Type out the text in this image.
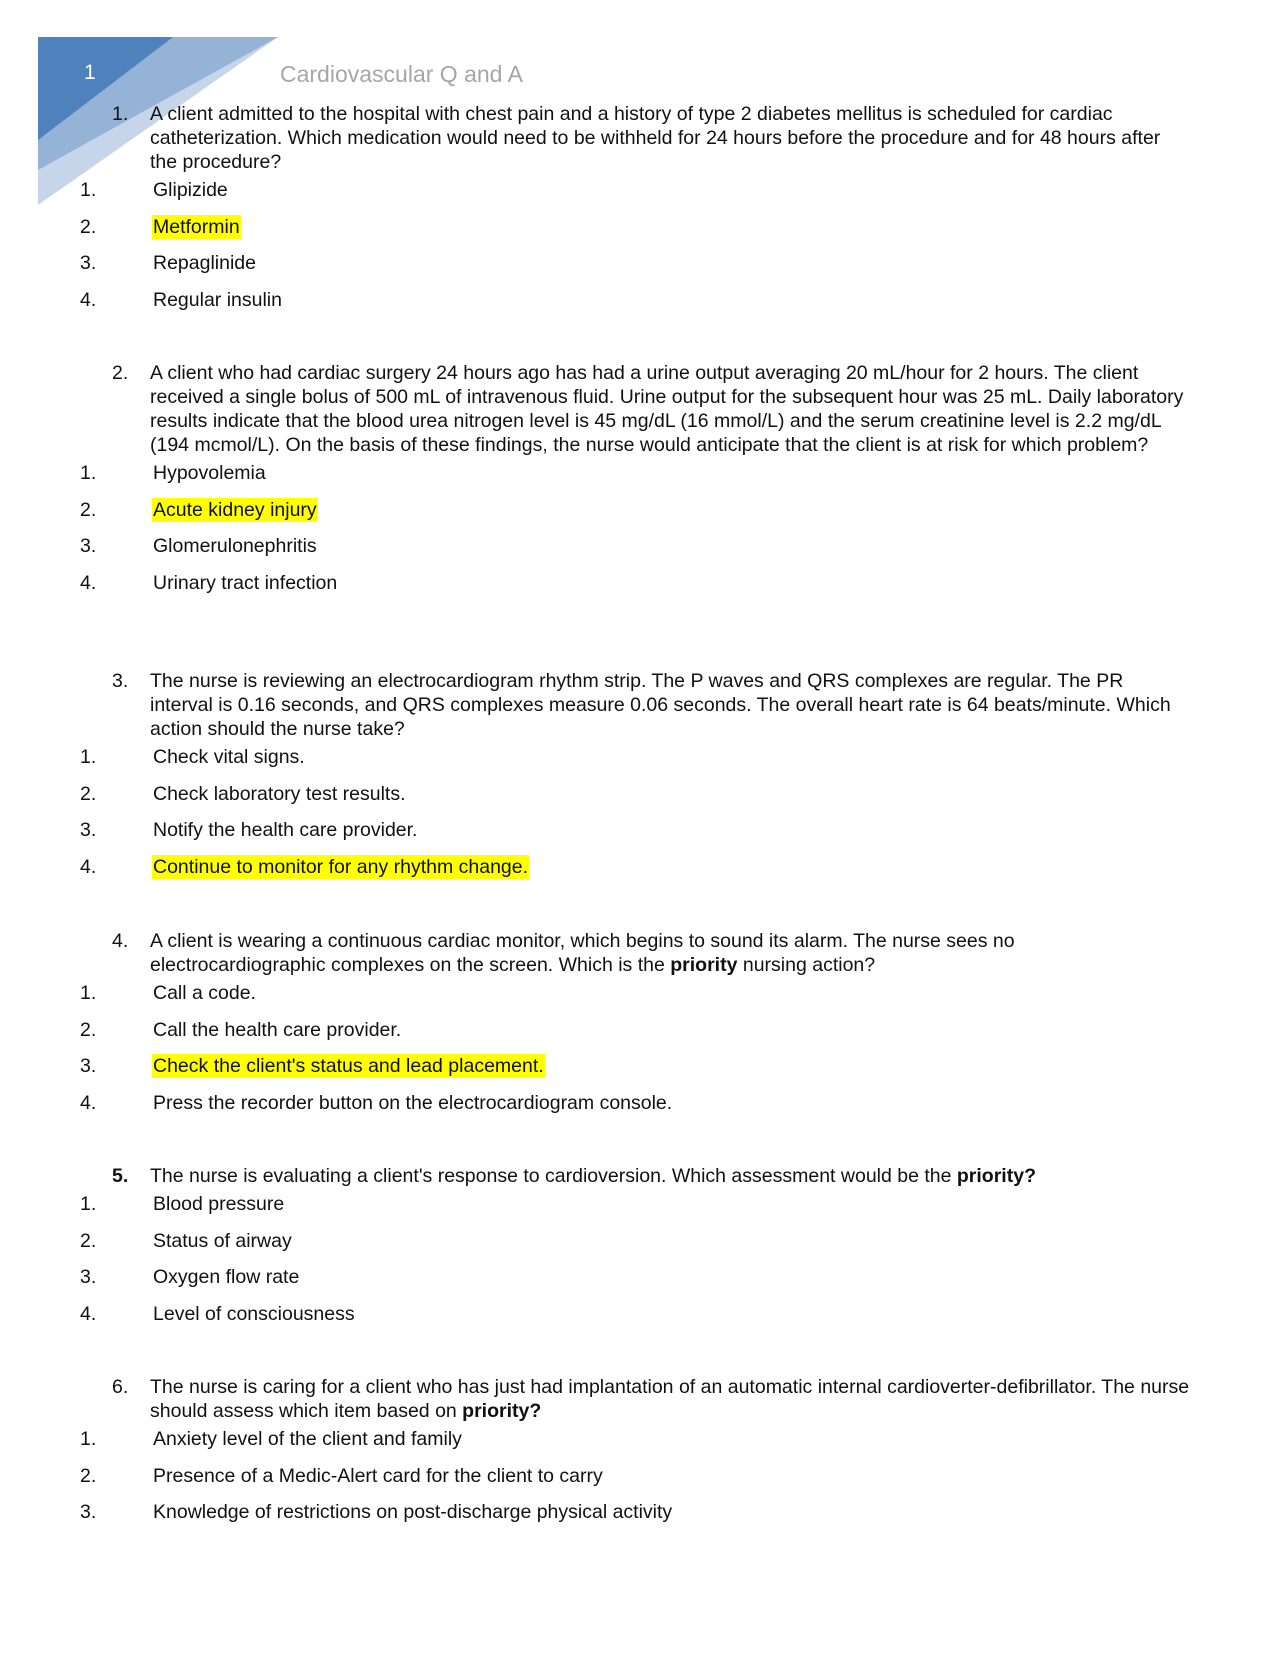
1	Cardiovascular Q and A
1. A client admitted to the hospital with chest pain and a history of type 2 diabetes mellitus is scheduled for cardiac catheterization. Which medication would need to be withheld for 24 hours before the procedure and for 48 hours after the procedure?
1.	Glipizide
2.	Metformin
3.	Repaglinide
4.	Regular insulin
2. A client who had cardiac surgery 24 hours ago has had a urine output averaging 20 mL/hour for 2 hours. The client received a single bolus of 500 mL of intravenous fluid. Urine output for the subsequent hour was 25 mL. Daily laboratory results indicate that the blood urea nitrogen level is 45 mg/dL (16 mmol/L) and the serum creatinine level is 2.2 mg/dL (194 mcmol/L). On the basis of these findings, the nurse would anticipate that the client is at risk for which problem?
1.	Hypovolemia
2.	Acute kidney injury
3.	Glomerulonephritis
4.	Urinary tract infection
3. The nurse is reviewing an electrocardiogram rhythm strip. The P waves and QRS complexes are regular. The PR interval is 0.16 seconds, and QRS complexes measure 0.06 seconds. The overall heart rate is 64 beats/minute. Which action should the nurse take?
1.	Check vital signs.
2.	Check laboratory test results.
3.	Notify the health care provider.
4.	Continue to monitor for any rhythm change.
4. A client is wearing a continuous cardiac monitor, which begins to sound its alarm. The nurse sees no electrocardiographic complexes on the screen. Which is the priority nursing action?
1.	Call a code.
2.	Call the health care provider.
3.	Check the client's status and lead placement.
4.	Press the recorder button on the electrocardiogram console.
5. The nurse is evaluating a client's response to cardioversion. Which assessment would be the priority?
1.	Blood pressure
2.	Status of airway
3.	Oxygen flow rate
4.	Level of consciousness
6. The nurse is caring for a client who has just had implantation of an automatic internal cardioverter-defibrillator. The nurse should assess which item based on priority?
1.	Anxiety level of the client and family
2.	Presence of a Medic-Alert card for the client to carry
3.	Knowledge of restrictions on post-discharge physical activity
